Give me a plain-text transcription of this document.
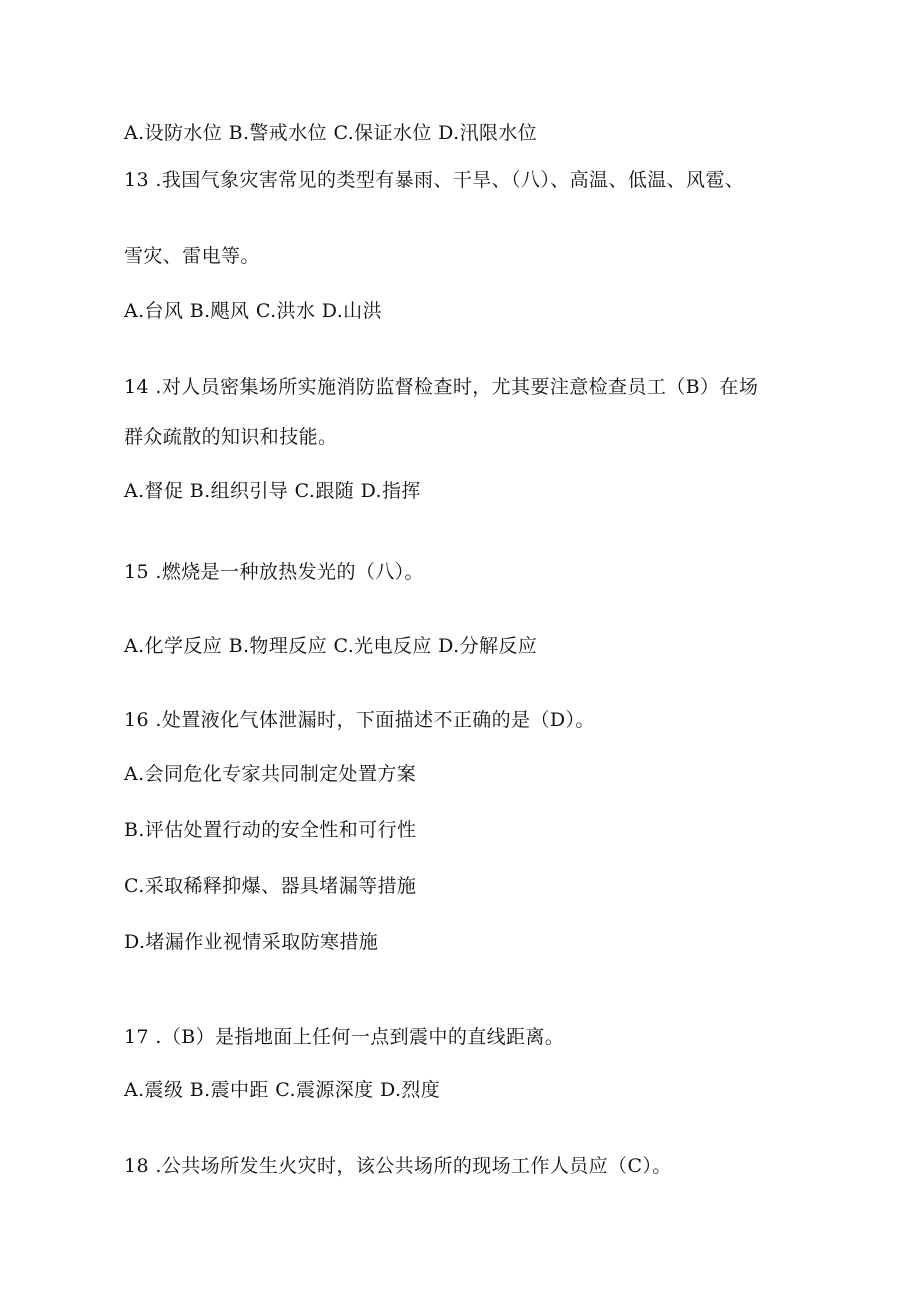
A.设防水位 B.警戒水位 C.保证水位 D.汛限水位
13 .我国气象灾害常见的类型有暴雨、干旱、（八）、高温、低温、风雹、
雪灾、雷电等。
A.台风 B.飓风 C.洪水 D.山洪
14 .对人员密集场所实施消防监督检查时，尤其要注意检查员工（B）在场
群众疏散的知识和技能。
A.督促 B.组织引导 C.跟随 D.指挥
15 .燃烧是一种放热发光的（八）。
A.化学反应 B.物理反应 C.光电反应 D.分解反应
16 .处置液化气体泄漏时，下面描述不正确的是（D）。
A.会同危化专家共同制定处置方案
B.评估处置行动的安全性和可行性
C.采取稀释抑爆、器具堵漏等措施
D.堵漏作业视情采取防寒措施
17 .（B）是指地面上任何一点到震中的直线距离。
A.震级 B.震中距 C.震源深度 D.烈度
18 .公共场所发生火灾时，该公共场所的现场工作人员应（C）。
